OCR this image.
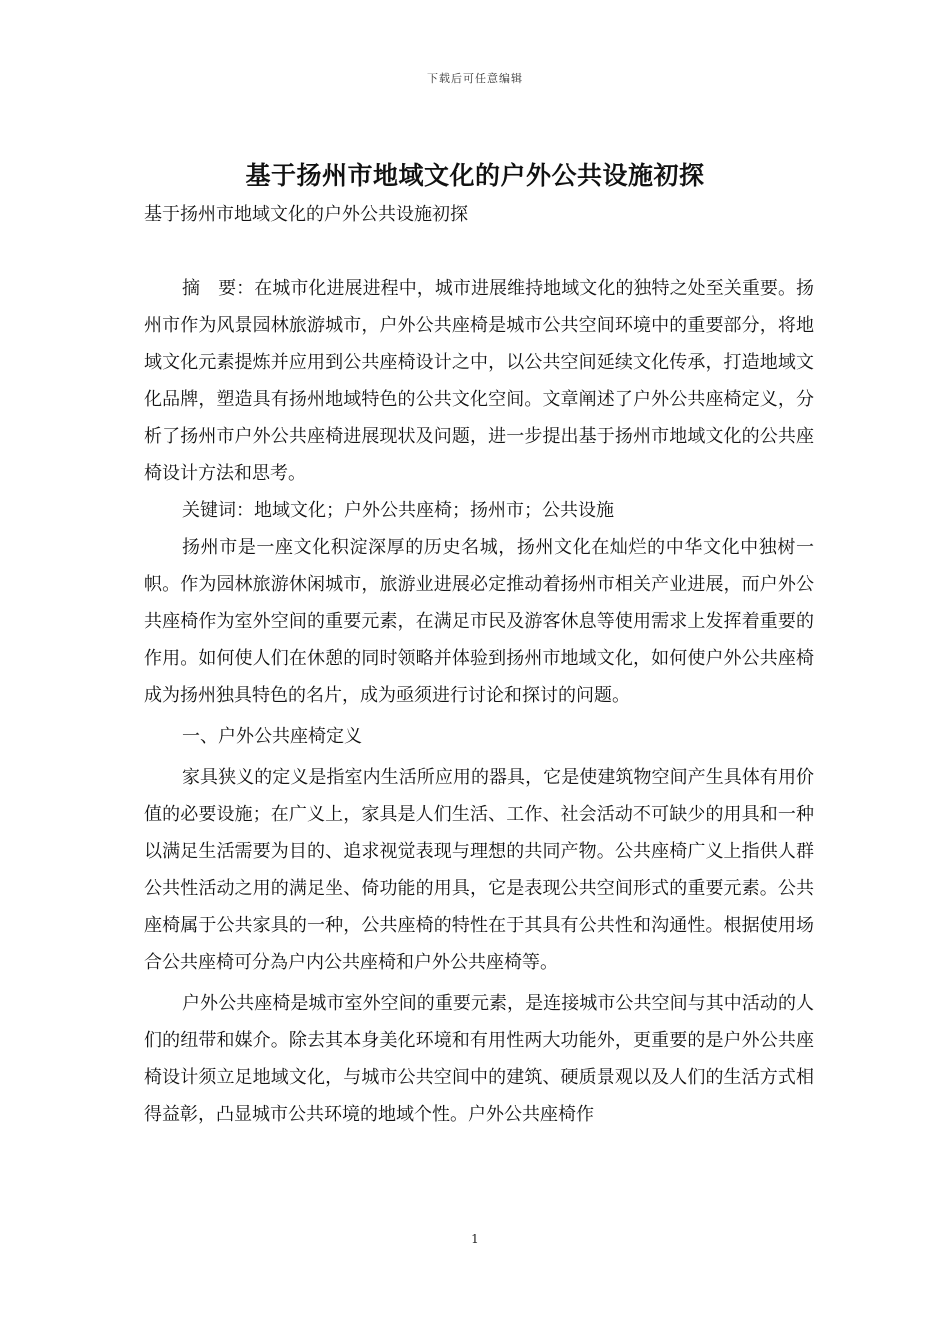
下载后可任意编辑
基于扬州市地域文化的户外公共设施初探

基于扬州市地域文化的户外公共设施初探

摘　要：在城市化进展进程中，城市进展维持地域文化的独特之处至关重要。扬州市作为风景园林旅游城市，户外公共座椅是城市公共空间环境中的重要部分，将地域文化元素提炼并应用到公共座椅设计之中，以公共空间延续文化传承，打造地域文化品牌，塑造具有扬州地域特色的公共文化空间。文章阐述了户外公共座椅定义，分析了扬州市户外公共座椅进展现状及问题，进一步提出基于扬州市地域文化的公共座椅设计方法和思考。

关键词：地域文化；户外公共座椅；扬州市；公共设施

扬州市是一座文化积淀深厚的历史名城，扬州文化在灿烂的中华文化中独树一帜。作为园林旅游休闲城市，旅游业进展必定推动着扬州市相关产业进展，而户外公共座椅作为室外空间的重要元素，在满足市民及游客休息等使用需求上发挥着重要的作用。如何使人们在休憩的同时领略并体验到扬州市地域文化，如何使户外公共座椅成为扬州独具特色的名片，成为亟须进行讨论和探讨的问题。

一、户外公共座椅定义

家具狭义的定义是指室内生活所应用的器具，它是使建筑物空间产生具体有用价值的必要设施；在广义上，家具是人们生活、工作、社会活动不可缺少的用具和一种以满足生活需要为目的、追求视觉表现与理想的共同产物。公共座椅广义上指供人群公共性活动之用的满足坐、倚功能的用具，它是表现公共空间形式的重要元素。公共座椅属于公共家具的一种，公共座椅的特性在于其具有公共性和沟通性。根据使用场合公共座椅可分為户内公共座椅和户外公共座椅等。

户外公共座椅是城市室外空间的重要元素，是连接城市公共空间与其中活动的人们的纽带和媒介。除去其本身美化环境和有用性两大功能外，更重要的是户外公共座椅设计须立足地域文化，与城市公共空间中的建筑、硬质景观以及人们的生活方式相得益彰，凸显城市公共环境的地域个性。户外公共座椅作

1
